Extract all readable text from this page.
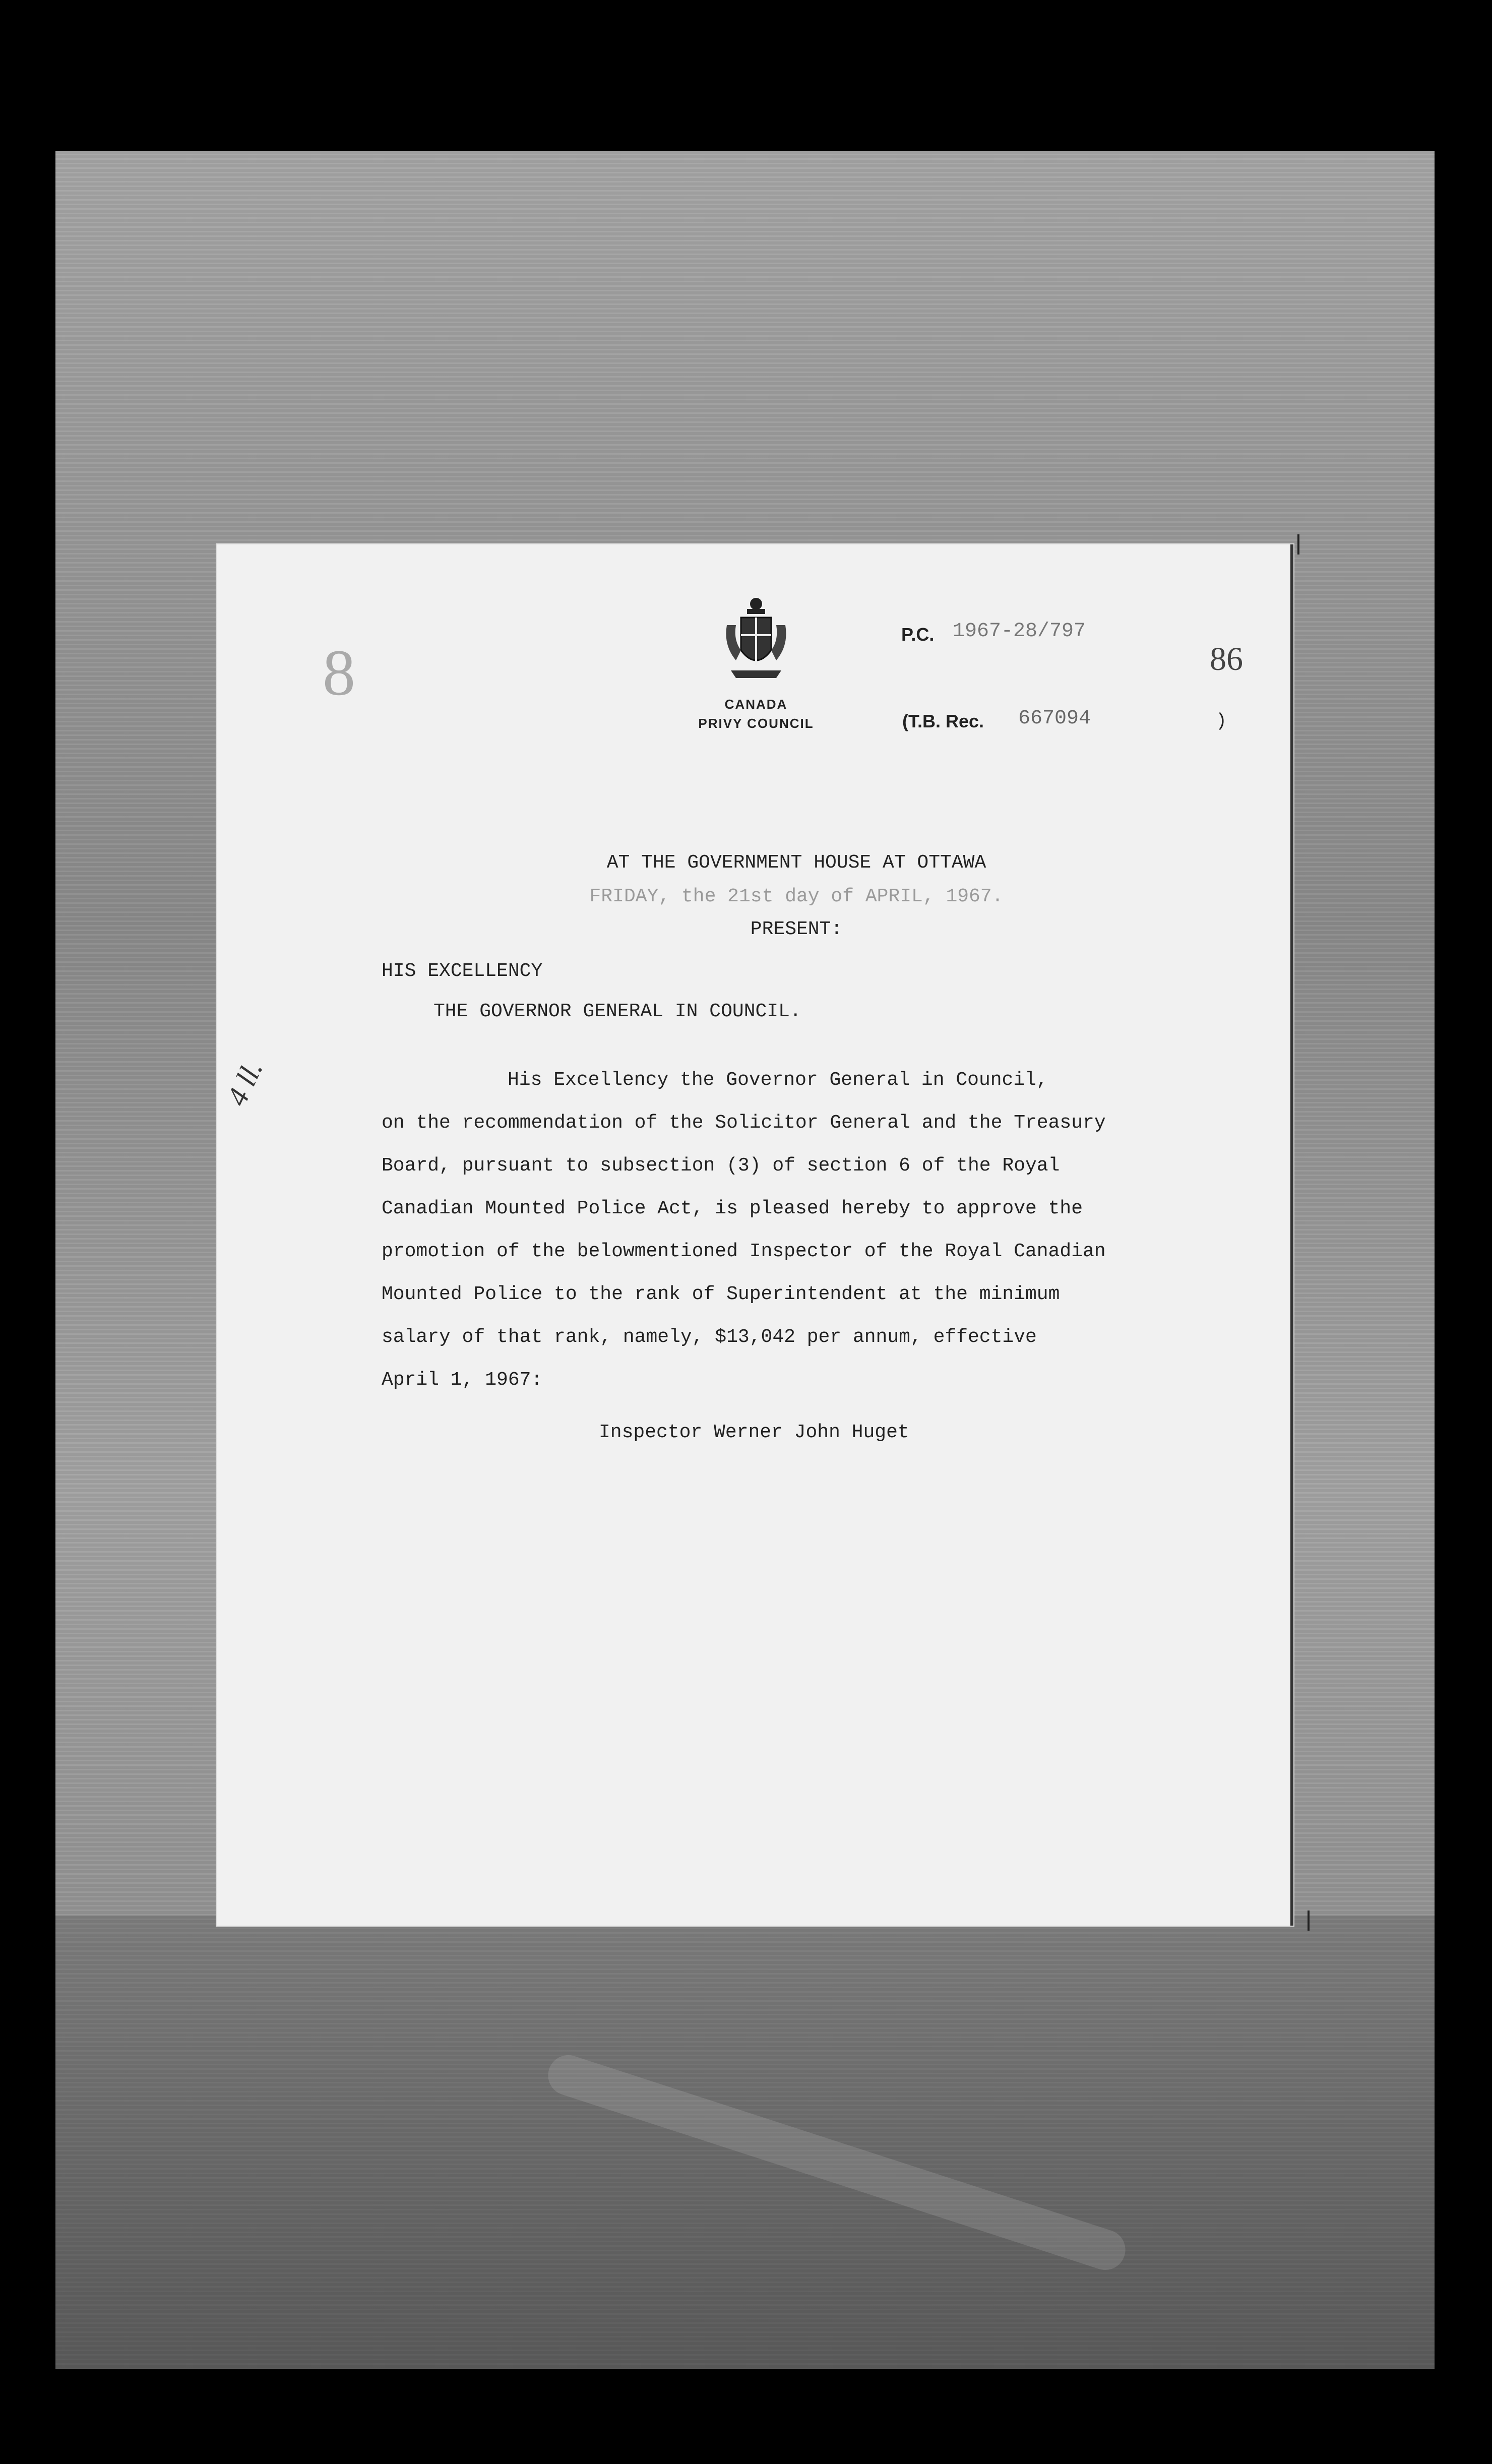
8	86
CANADA
PRIVY COUNCIL
P.C. 1967-28/797
(T.B. Rec. 667094	)
AT THE GOVERNMENT HOUSE AT OTTAWA
FRIDAY, the 21st day of APRIL, 1967.
PRESENT:
HIS EXCELLENCY
THE GOVERNOR GENERAL IN COUNCIL.
4 ll.	His Excellency the Governor General in Council,
on the recommendation of the Solicitor General and the Treasury
Board, pursuant to subsection (3) of section 6 of the Royal
Canadian Mounted Police Act, is pleased hereby to approve the
promotion of the belowmentioned Inspector of the Royal Canadian
Mounted Police to the rank of Superintendent at the minimum
salary of that rank, namely, $13,042 per annum, effective
April 1, 1967:
Inspector Werner John Huget
